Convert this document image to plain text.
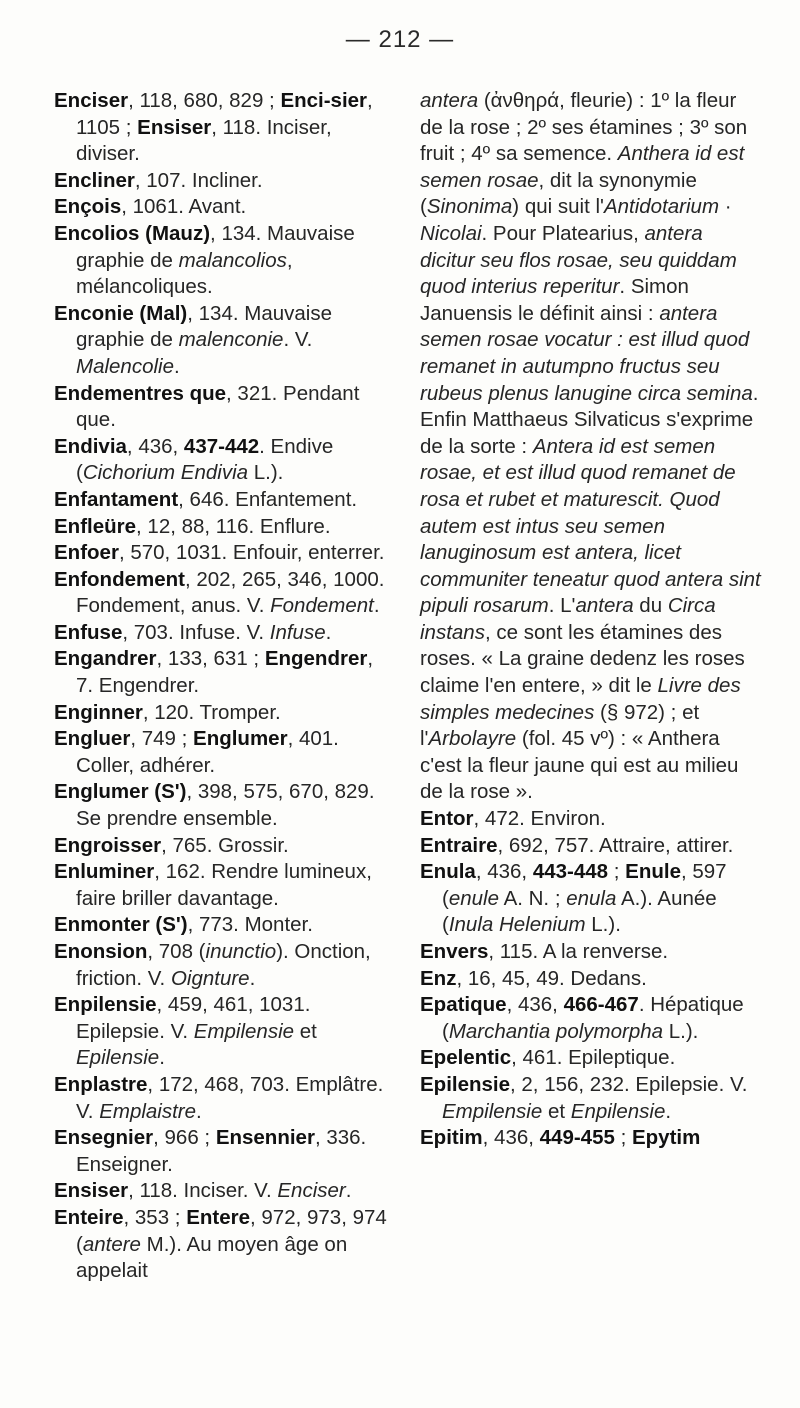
— 212 —

Enciser, 118, 680, 829 ; Enci-sier, 1105 ; Ensiser, 118. Inciser, diviser.

Encliner, 107. Incliner.

Ençois, 1061. Avant.

Encolios (Mauz), 134. Mauvaise graphie de malancolios, mélancoliques.

Enconie (Mal), 134. Mauvaise graphie de malenconie. V. Malencolie.

Endementres que, 321. Pendant que.

Endivia, 436, 437-442. Endive (Cichorium Endivia L.).

Enfantament, 646. Enfantement.

Enfleüre, 12, 88, 116. Enflure.

Enfoer, 570, 1031. Enfouir, enterrer.

Enfondement, 202, 265, 346, 1000. Fondement, anus. V. Fondement.

Enfuse, 703. Infuse. V. Infuse.

Engandrer, 133, 631 ; Engendrer, 7. Engendrer.

Enginner, 120. Tromper.

Engluer, 749 ; Englumer, 401. Coller, adhérer.

Englumer (S'), 398, 575, 670, 829. Se prendre ensemble.

Engroisser, 765. Grossir.

Enluminer, 162. Rendre lumineux, faire briller davantage.

Enmonter (S'), 773. Monter.

Enonsion, 708 (inunctio). Onction, friction. V. Oignture.

Enpilensie, 459, 461, 1031. Epilepsie. V. Empilensie et Epilensie.

Enplastre, 172, 468, 703. Emplâtre. V. Emplaistre.

Ensegnier, 966 ; Ensennier, 336. Enseigner.

Ensiser, 118. Inciser. V. Enciser.

Enteire, 353 ; Entere, 972, 973, 974 (antere M.). Au moyen âge on appelait

antera (ἀνθηρά, fleurie) : 1º la fleur de la rose ; 2º ses étamines ; 3º son fruit ; 4º sa semence. Anthera id est semen rosae, dit la synonymie (Sinonima) qui suit l'Antidotarium · Nicolai. Pour Platearius, antera dicitur seu flos rosae, seu quiddam quod interius reperitur. Simon Januensis le définit ainsi : antera semen rosae vocatur : est illud quod remanet in autumpno fructus seu rubeus plenus lanugine circa semina. Enfin Matthaeus Silvaticus s'exprime de la sorte : Antera id est semen rosae, et est illud quod remanet de rosa et rubet et maturescit. Quod autem est intus seu semen lanuginosum est antera, licet communiter teneatur quod antera sint pipuli rosarum. L'antera du Circa instans, ce sont les étamines des roses. « La graine dedenz les roses claime l'en entere, » dit le Livre des simples medecines (§ 972) ; et l'Arbolayre (fol. 45 vº) : « Anthera c'est la fleur jaune qui est au milieu de la rose ».

Entor, 472. Environ.

Entraire, 692, 757. Attraire, attirer.

Enula, 436, 443-448 ; Enule, 597 (enule A. N. ; enula A.). Aunée (Inula Helenium L.).

Envers, 115. A la renverse.

Enz, 16, 45, 49. Dedans.

Epatique, 436, 466-467. Hépatique (Marchantia polymorpha L.).

Epelentic, 461. Epileptique.

Epilensie, 2, 156, 232. Epilepsie. V. Empilensie et Enpilensie.

Epitim, 436, 449-455 ; Epytim
